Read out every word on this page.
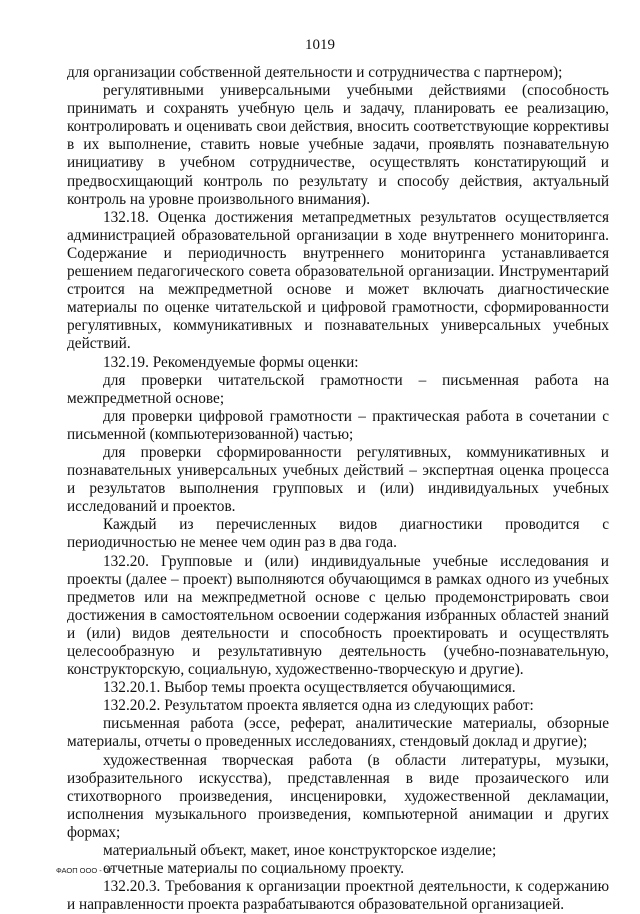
1019

для организации собственной деятельности и сотрудничества с партнером);

регулятивными универсальными учебными действиями (способность принимать и сохранять учебную цель и задачу, планировать ее реализацию, контролировать и оценивать свои действия, вносить соответствующие коррективы в их выполнение, ставить новые учебные задачи, проявлять познавательную инициативу в учебном сотрудничестве, осуществлять констатирующий и предвосхищающий контроль по результату и способу действия, актуальный контроль на уровне произвольного внимания).

132.18. Оценка достижения метапредметных результатов осуществляется администрацией образовательной организации в ходе внутреннего мониторинга. Содержание и периодичность внутреннего мониторинга устанавливается решением педагогического совета образовательной организации. Инструментарий строится на межпредметной основе и может включать диагностические материалы по оценке читательской и цифровой грамотности, сформированности регулятивных, коммуникативных и познавательных универсальных учебных действий.

132.19. Рекомендуемые формы оценки:

для проверки читательской грамотности – письменная работа на межпредметной основе;

для проверки цифровой грамотности – практическая работа в сочетании с письменной (компьютеризованной) частью;

для проверки сформированности регулятивных, коммуникативных и познавательных универсальных учебных действий – экспертная оценка процесса и результатов выполнения групповых и (или) индивидуальных учебных исследований и проектов.

Каждый из перечисленных видов диагностики проводится с периодичностью не менее чем один раз в два года.

132.20. Групповые и (или) индивидуальные учебные исследования и проекты (далее – проект) выполняются обучающимся в рамках одного из учебных предметов или на межпредметной основе с целью продемонстрировать свои достижения в самостоятельном освоении содержания избранных областей знаний и (или) видов деятельности и способность проектировать и осуществлять целесообразную и результативную деятельность (учебно-познавательную, конструкторскую, социальную, художественно-творческую и другие).

132.20.1. Выбор темы проекта осуществляется обучающимися.

132.20.2. Результатом проекта является одна из следующих работ:

письменная работа (эссе, реферат, аналитические материалы, обзорные материалы, отчеты о проведенных исследованиях, стендовый доклад и другие);

художественная творческая работа (в области литературы, музыки, изобразительного искусства), представленная в виде прозаического или стихотворного произведения, инсценировки, художественной декламации, исполнения музыкального произведения, компьютерной анимации и других формах;

материальный объект, макет, иное конструкторское изделие;

отчетные материалы по социальному проекту.

132.20.3. Требования к организации проектной деятельности, к содержанию и направленности проекта разрабатываются образовательной организацией.

ФАОП ООО - 07
